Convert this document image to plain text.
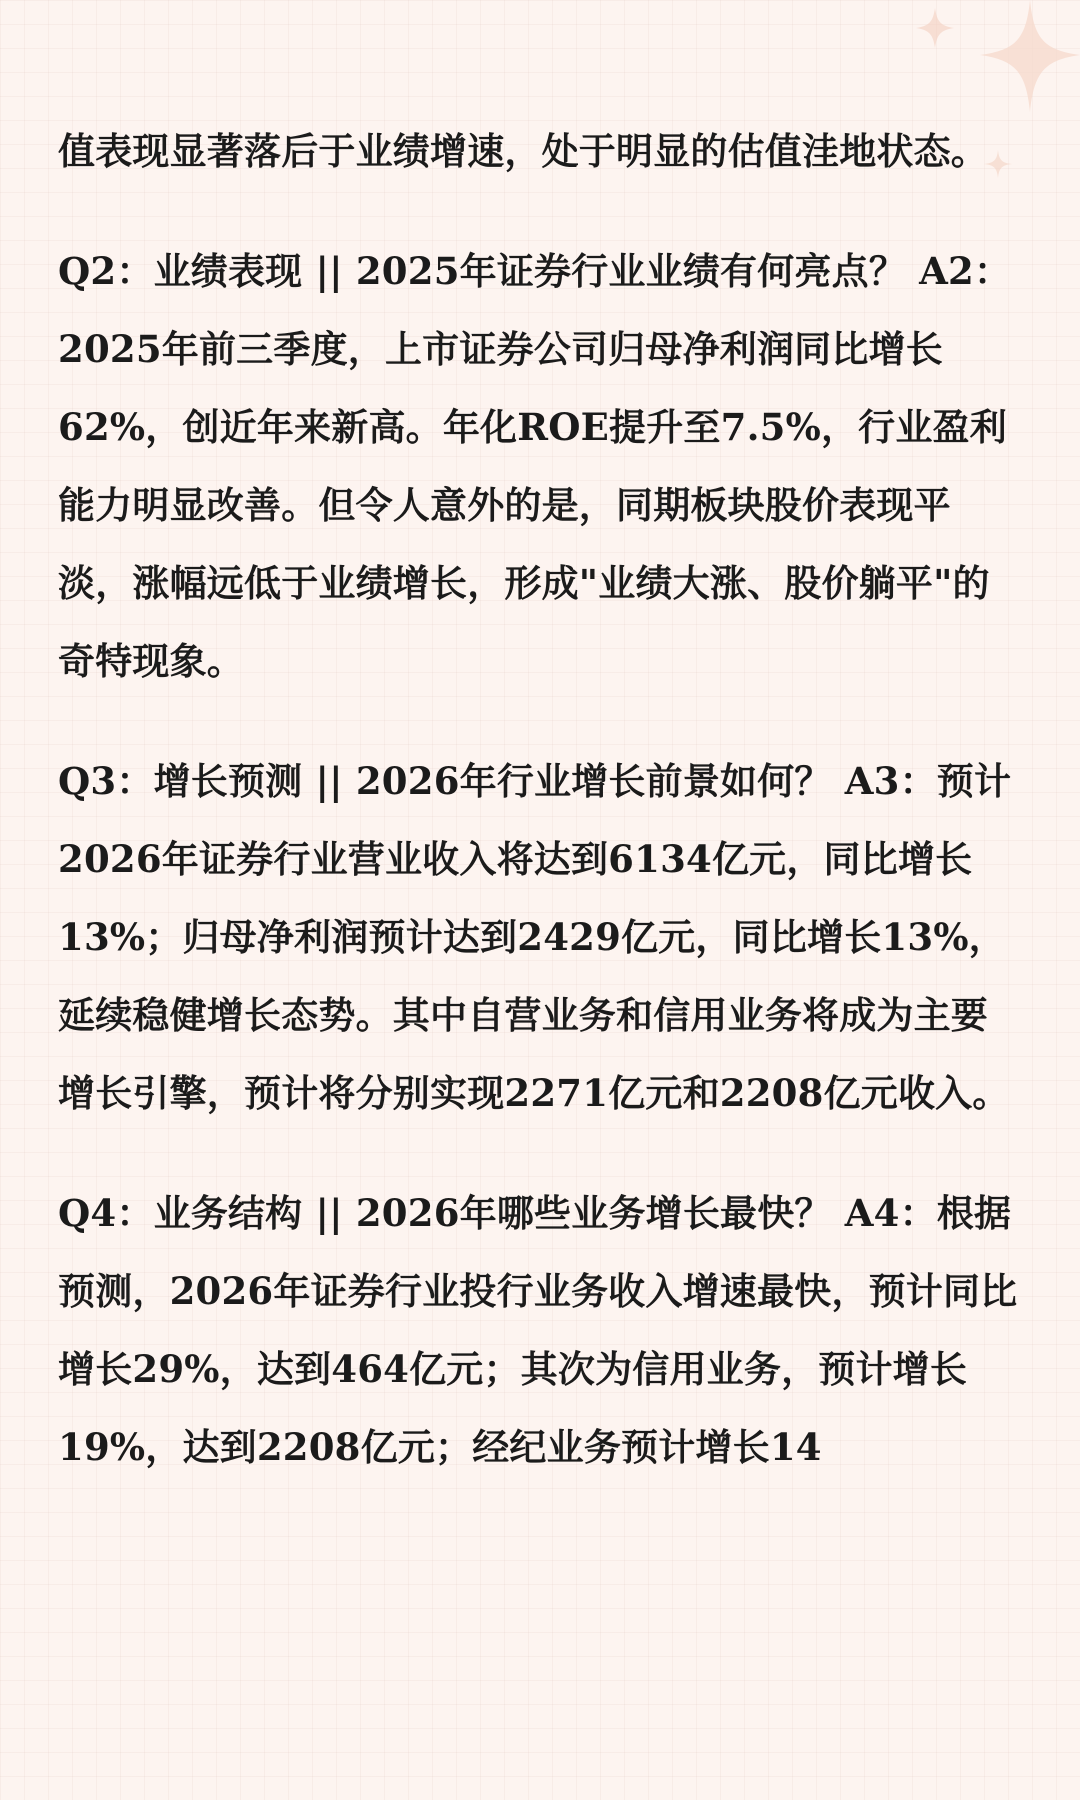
值表现显著落后于业绩增速，处于明显的估值洼地状态。

Q2：业绩表现 || 2025年证券行业业绩有何亮点？ A2：2025年前三季度，上市证券公司归母净利润同比增长62%，创近年来新高。年化ROE提升至7.5%，行业盈利能力明显改善。但令人意外的是，同期板块股价表现平淡，涨幅远低于业绩增长，形成"业绩大涨、股价躺平"的奇特现象。

Q3：增长预测 || 2026年行业增长前景如何？ A3：预计2026年证券行业营业收入将达到6134亿元，同比增长13%；归母净利润预计达到2429亿元，同比增长13%，延续稳健增长态势。其中自营业务和信用业务将成为主要增长引擎，预计将分别实现2271亿元和2208亿元收入。

Q4：业务结构 || 2026年哪些业务增长最快？ A4：根据预测，2026年证券行业投行业务收入增速最快，预计同比增长29%，达到464亿元；其次为信用业务，预计增长19%，达到2208亿元；经纪业务预计增长14
